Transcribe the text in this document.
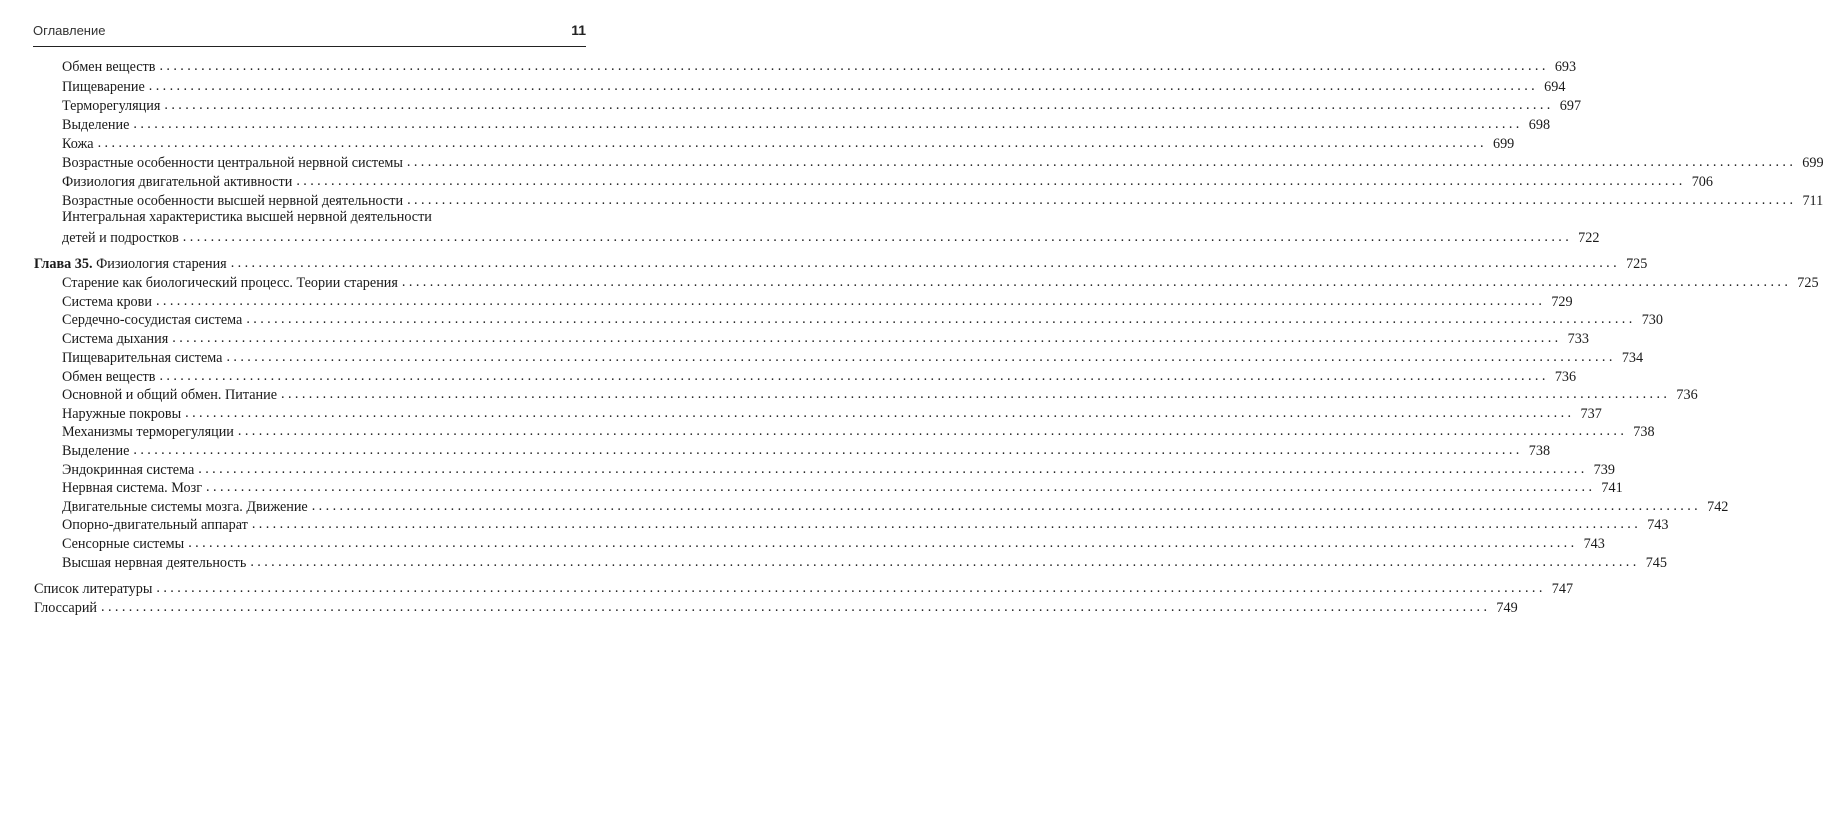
Оглавление	11
Обмен веществ ........................................................................................................................................................................................................ 693
Пищеварение ........................................................................................................................................................................................................ 694
Терморегуляция ........................................................................................................................................................................................................ 697
Выделение ........................................................................................................................................................................................................ 698
Кожа ........................................................................................................................................................................................................ 699
Возрастные особенности центральной нервной системы ........................................................................................................................................................................................................ 699
Физиология двигательной активности ........................................................................................................................................................................................................ 706
Возрастные особенности высшей нервной деятельности ........................................................................................................................................................................................................ 711
Интегральная характеристика высшей нервной деятельности
детей и подростков ........................................................................................................................................................................................................ 722
Глава 35. Физиология старения ........................................................................................................................................................................................................ 725
Старение как биологический процесс. Теории старения ........................................................................................................................................................................................................ 725
Система крови ........................................................................................................................................................................................................ 729
Сердечно-сосудистая система ........................................................................................................................................................................................................ 730
Система дыхания ........................................................................................................................................................................................................ 733
Пищеварительная система ........................................................................................................................................................................................................ 734
Обмен веществ ........................................................................................................................................................................................................ 736
Основной и общий обмен. Питание ........................................................................................................................................................................................................ 736
Наружные покровы ........................................................................................................................................................................................................ 737
Механизмы терморегуляции ........................................................................................................................................................................................................ 738
Выделение ........................................................................................................................................................................................................ 738
Эндокринная система ........................................................................................................................................................................................................ 739
Нервная система. Мозг ........................................................................................................................................................................................................ 741
Двигательные системы мозга. Движение ........................................................................................................................................................................................................ 742
Опорно-двигательный аппарат ........................................................................................................................................................................................................ 743
Сенсорные системы ........................................................................................................................................................................................................ 743
Высшая нервная деятельность ........................................................................................................................................................................................................ 745
Список литературы ........................................................................................................................................................................................................ 747
Глоссарий ........................................................................................................................................................................................................ 749
